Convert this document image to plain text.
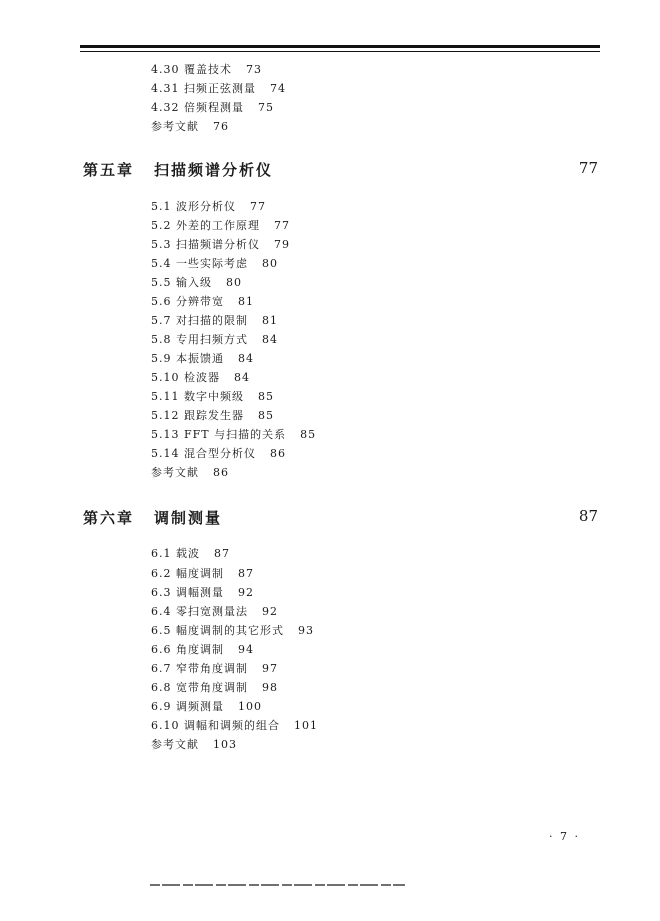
4.30 覆盖技术 73
4.31 扫频正弦测量 74
4.32 倍频程测量 75
参考文献 76
第五章 扫描频谱分析仪	77
5.1 波形分析仪 77
5.2 外差的工作原理 77
5.3 扫描频谱分析仪 79
5.4 一些实际考虑 80
5.5 输入级 80
5.6 分辨带宽 81
5.7 对扫描的限制 81
5.8 专用扫频方式 84
5.9 本振馈通 84
5.10 检波器 84
5.11 数字中频级 85
5.12 跟踪发生器 85
5.13 FFT 与扫描的关系 85
5.14 混合型分析仪 86
参考文献 86
第六章 调制测量	87
6.1 载波 87
6.2 幅度调制 87
6.3 调幅测量 92
6.4 零扫宽测量法 92
6.5 幅度调制的其它形式 93
6.6 角度调制 94
6.7 窄带角度调制 97
6.8 宽带角度调制 98
6.9 调频测量 100
6.10 调幅和调频的组合 101
参考文献 103
· 7 ·
